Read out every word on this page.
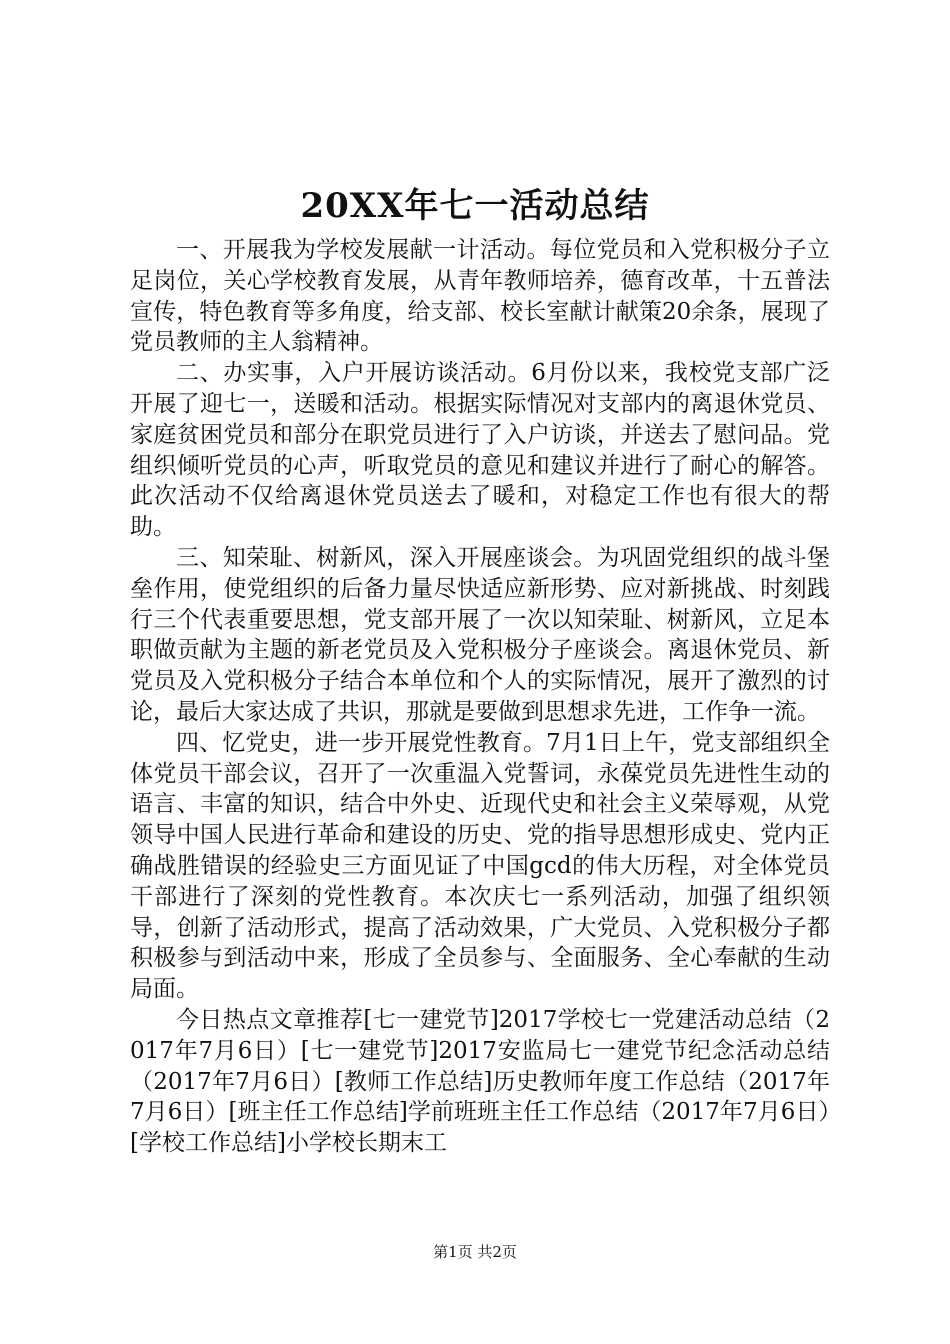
20XX年七一活动总结

一、开展我为学校发展献一计活动。每位党员和入党积极分子立足岗位，关心学校教育发展，从青年教师培养，德育改革，十五普法宣传，特色教育等多角度，给支部、校长室献计献策20余条，展现了党员教师的主人翁精神。

二、办实事，入户开展访谈活动。6月份以来，我校党支部广泛开展了迎七一，送暖和活动。根据实际情况对支部内的离退休党员、家庭贫困党员和部分在职党员进行了入户访谈，并送去了慰问品。党组织倾听党员的心声，听取党员的意见和建议并进行了耐心的解答。此次活动不仅给离退休党员送去了暖和，对稳定工作也有很大的帮助。

三、知荣耻、树新风，深入开展座谈会。为巩固党组织的战斗堡垒作用，使党组织的后备力量尽快适应新形势、应对新挑战、时刻践行三个代表重要思想，党支部开展了一次以知荣耻、树新风，立足本职做贡献为主题的新老党员及入党积极分子座谈会。离退休党员、新党员及入党积极分子结合本单位和个人的实际情况，展开了激烈的讨论，最后大家达成了共识，那就是要做到思想求先进，工作争一流。

四、忆党史，进一步开展党性教育。7月1日上午，党支部组织全体党员干部会议，召开了一次重温入党誓词，永葆党员先进性生动的语言、丰富的知识，结合中外史、近现代史和社会主义荣辱观，从党领导中国人民进行革命和建设的历史、党的指导思想形成史、党内正确战胜错误的经验史三方面见证了中国gcd的伟大历程，对全体党员干部进行了深刻的党性教育。本次庆七一系列活动，加强了组织领导，创新了活动形式，提高了活动效果，广大党员、入党积极分子都积极参与到活动中来，形成了全员参与、全面服务、全心奉献的生动局面。

今日热点文章推荐[七一建党节]2017学校七一党建活动总结（2017年7月6日）[七一建党节]2017安监局七一建党节纪念活动总结（2017年7月6日）[教师工作总结]历史教师年度工作总结（2017年7月6日）[班主任工作总结]学前班班主任工作总结（2017年7月6日）[学校工作总结]小学校长期末工

第1页 共2页
